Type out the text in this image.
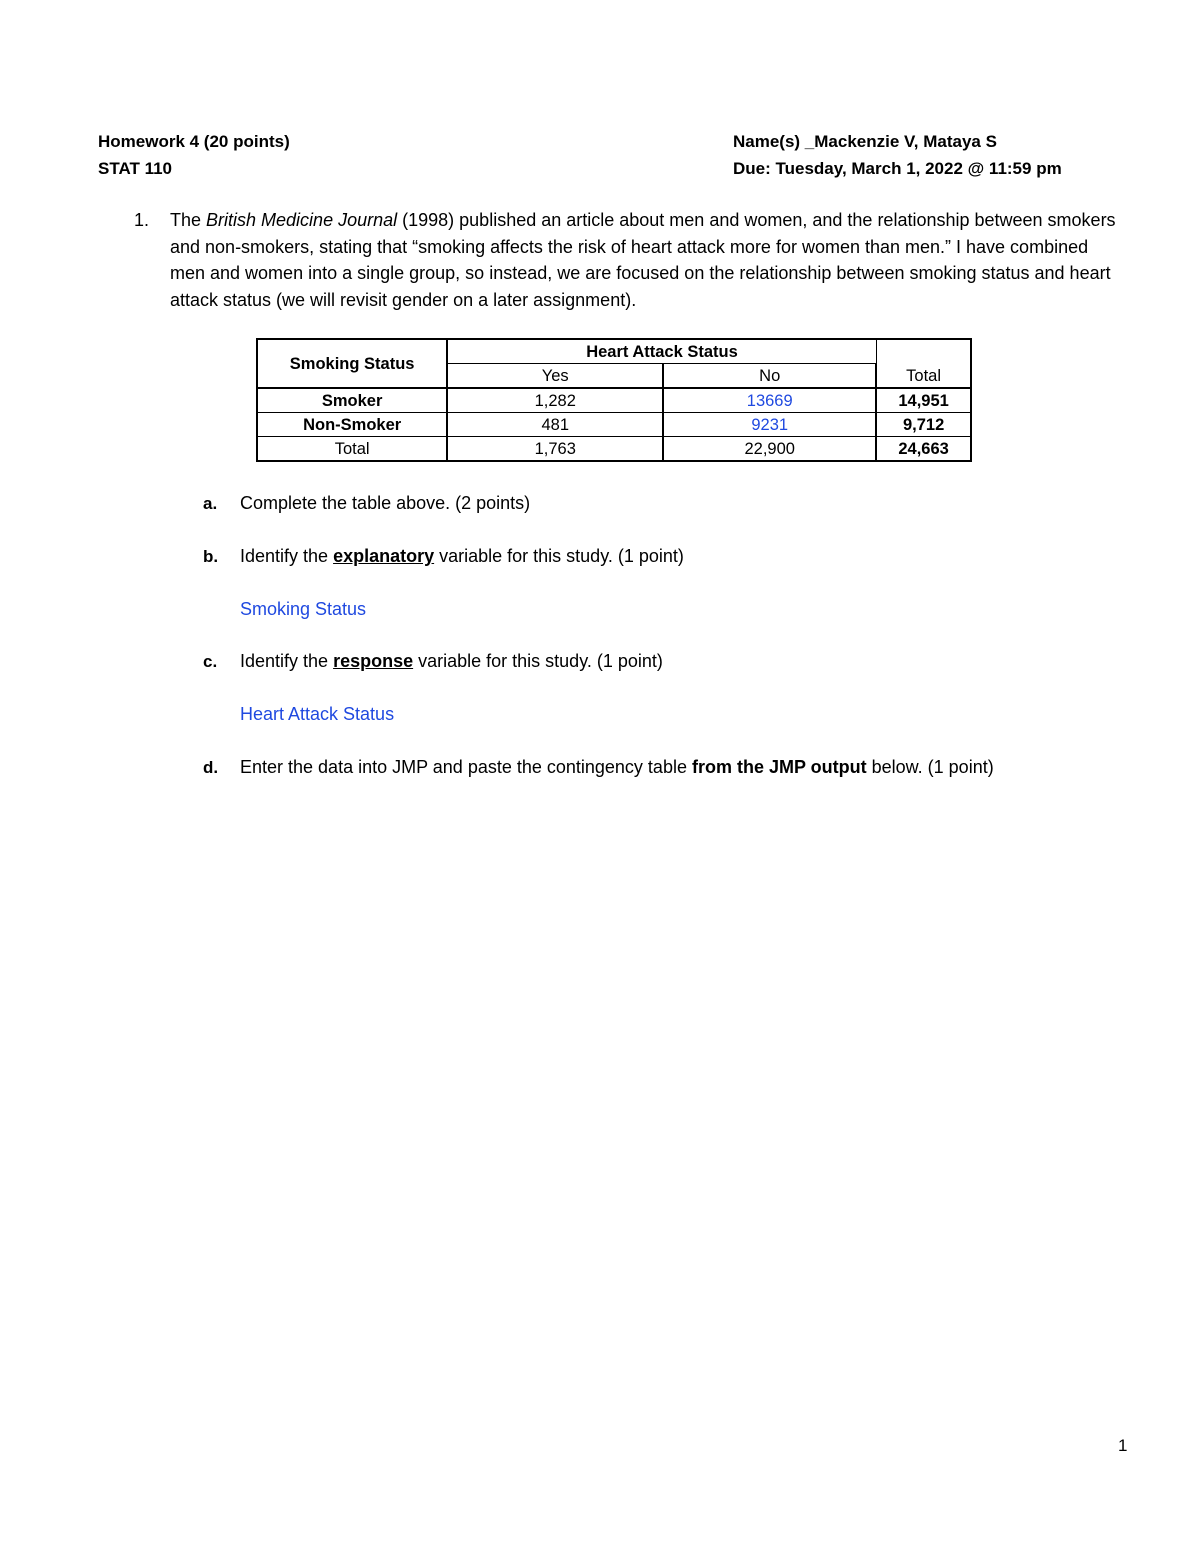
Homework 4 (20 points)
STAT 110
Name(s) _Mackenzie V, Mataya S
Due: Tuesday, March 1, 2022 @ 11:59 pm
1. The British Medicine Journal (1998) published an article about men and women, and the relationship between smokers and non-smokers, stating that “smoking affects the risk of heart attack more for women than men.” I have combined men and women into a single group, so instead, we are focused on the relationship between smoking status and heart attack status (we will revisit gender on a later assignment).
Smoking Status	Heart Attack Status		Total
	Yes	No	
Smoker	1,282	13669	14,951
Non-Smoker	481	9231	9,712
Total	1,763	22,900	24,663
a. Complete the table above. (2 points)
b. Identify the explanatory variable for this study. (1 point)
Smoking Status
c. Identify the response variable for this study. (1 point)
Heart Attack Status
d. Enter the data into JMP and paste the contingency table from the JMP output below. (1 point)
1
